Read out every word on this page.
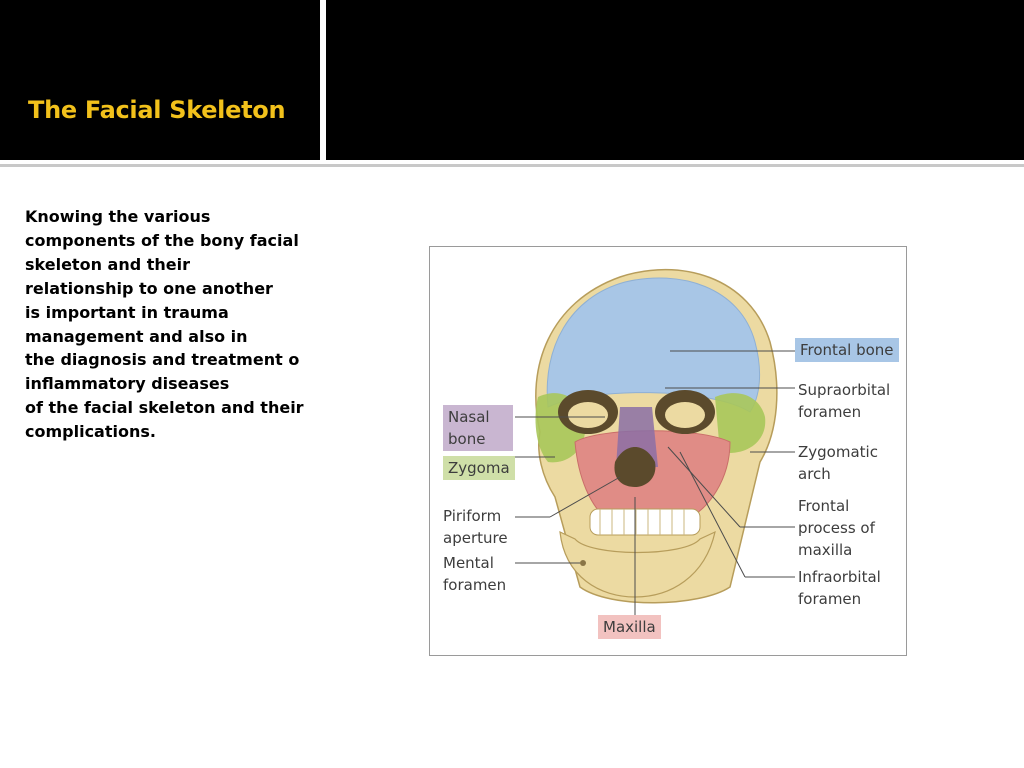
The Facial Skeleton
Knowing the various
components of the bony facial
skeleton and their
relationship to one another
is important in trauma
management and also in
the diagnosis and treatment o
inflammatory diseases
of the facial skeleton and their
complications.
Frontal bone
Supraorbital
foramen
Zygomatic
arch
Frontal
process of
maxilla
Infraorbital
foramen
Nasal
bone
Zygoma
Piriform
aperture
Mental
foramen
Maxilla
